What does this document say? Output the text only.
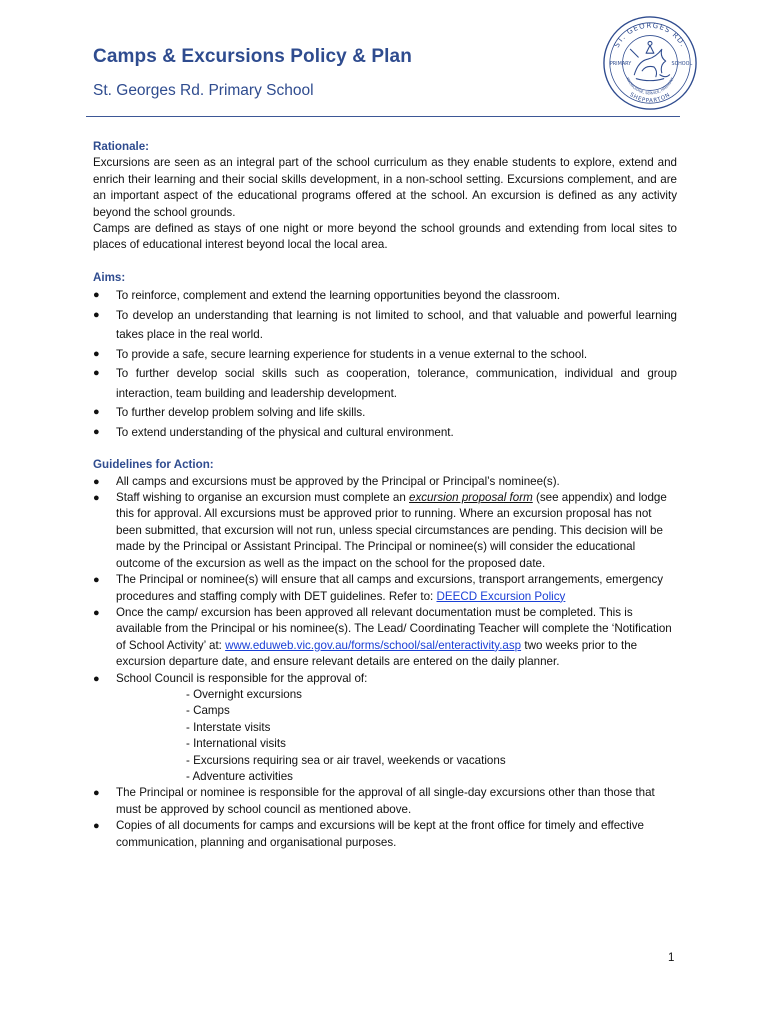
Camps & Excursions Policy & Plan

St. Georges Rd. Primary School

ST. GEORGES RD.
PRIMARY	SCHOOL
KNOWLEDGE, SERVICE, HARMONY
SHEPPARTON

Rationale:

Excursions are seen as an integral part of the school curriculum as they enable students to explore, extend and enrich their learning and their social skills development, in a non-school setting. Excursions complement, and are an important aspect of the educational programs offered at the school. An excursion is defined as any activity beyond the school grounds.

Camps are defined as stays of one night or more beyond the school grounds and extending from local sites to places of educational interest beyond local the local area.

Aims:

● To reinforce, complement and extend the learning opportunities beyond the classroom.
● To develop an understanding that learning is not limited to school, and that valuable and powerful learning takes place in the real world.
● To provide a safe, secure learning experience for students in a venue external to the school.
● To further develop social skills such as cooperation, tolerance, communication, individual and group interaction, team building and leadership development.
● To further develop problem solving and life skills.
● To extend understanding of the physical and cultural environment.

Guidelines for Action:

● All camps and excursions must be approved by the Principal or Principal’s nominee(s).
● Staff wishing to organise an excursion must complete an excursion proposal form (see appendix) and lodge this for approval. All excursions must be approved prior to running. Where an excursion proposal has not been submitted, that excursion will not run, unless special circumstances are pending. This decision will be made by the Principal or Assistant Principal. The Principal or nominee(s) will consider the educational outcome of the excursion as well as the impact on the school for the proposed date.
● The Principal or nominee(s) will ensure that all camps and excursions, transport arrangements, emergency procedures and staffing comply with DET guidelines. Refer to: DEECD Excursion Policy
● Once the camp/ excursion has been approved all relevant documentation must be completed. This is available from the Principal or his nominee(s). The Lead/ Coordinating Teacher will complete the ‘Notification of School Activity’ at: www.eduweb.vic.gov.au/forms/school/sal/enteractivity.asp two weeks prior to the excursion departure date, and ensure relevant details are entered on the daily planner.
● School Council is responsible for the approval of:
- Overnight excursions
- Camps
- Interstate visits
- International visits
- Excursions requiring sea or air travel, weekends or vacations
- Adventure activities
● The Principal or nominee is responsible for the approval of all single-day excursions other than those that must be approved by school council as mentioned above.
● Copies of all documents for camps and excursions will be kept at the front office for timely and effective communication, planning and organisational purposes.
1
